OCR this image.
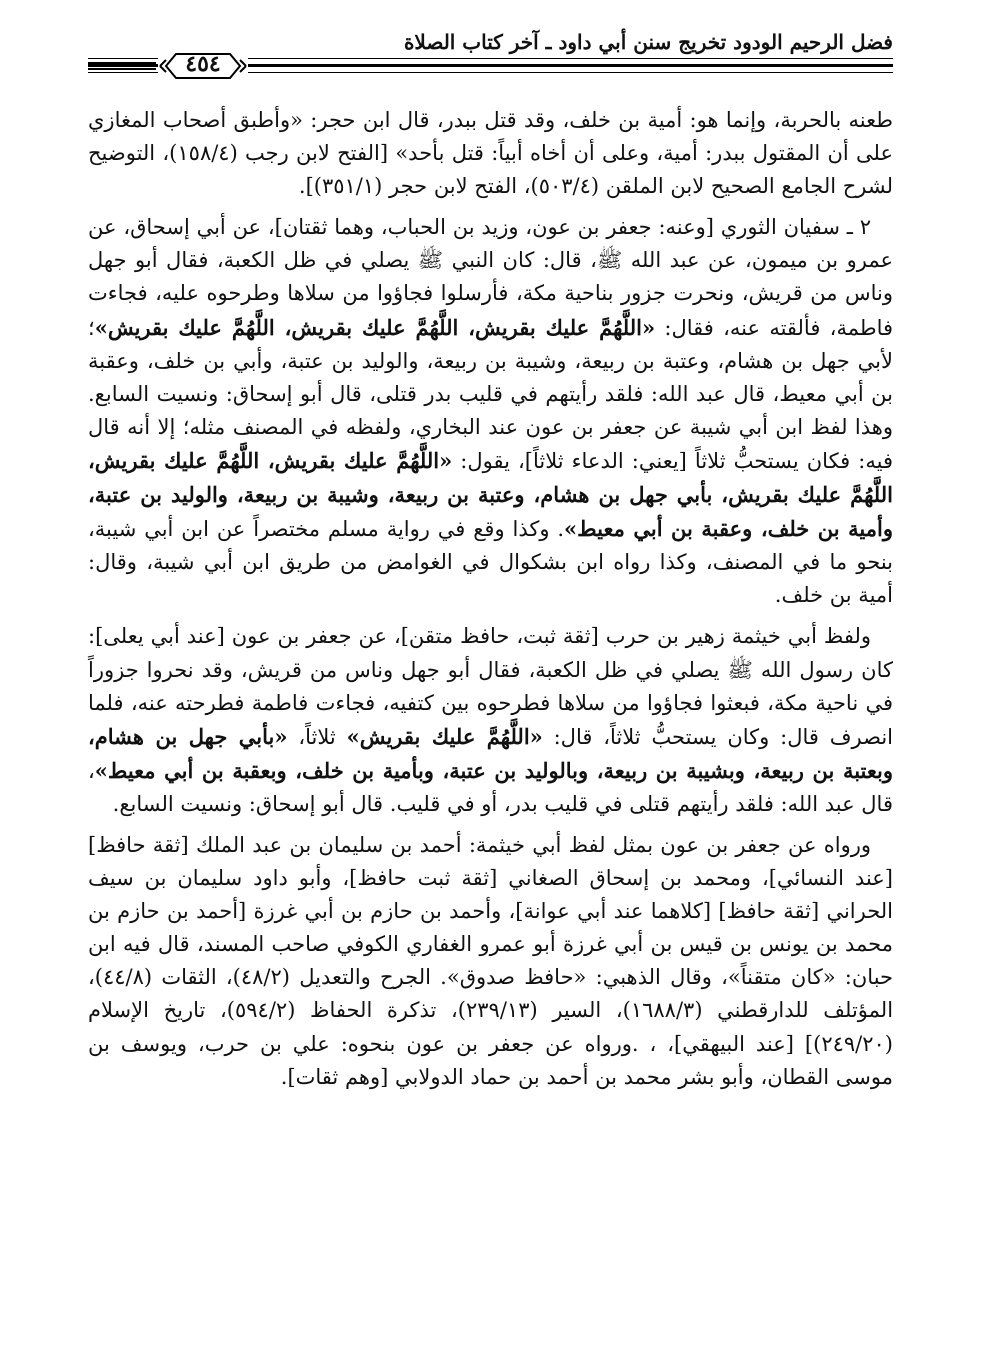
فضل الرحيم الودود تخريج سنن أبي داود ـ آخر كتاب الصلاة
٤٥٤

طعنه بالحربة، وإنما هو: أمية بن خلف، وقد قتل ببدر، قال ابن حجر: «وأطبق أصحاب المغازي على أن المقتول ببدر: أمية، وعلى أن أخاه أبياً: قتل بأحد» [الفتح لابن رجب (١٥٨/٤)، التوضيح لشرح الجامع الصحيح لابن الملقن (٥٠٣/٤)، الفتح لابن حجر (٣٥١/١)].

٢ ـ سفيان الثوري [وعنه: جعفر بن عون، وزيد بن الحباب، وهما ثقتان]، عن أبي إسحاق، عن عمرو بن ميمون، عن عبد الله ﷺ، قال: كان النبي ﷺ يصلي في ظل الكعبة، فقال أبو جهل وناس من قريش، ونحرت جزور بناحية مكة، فأرسلوا فجاؤوا من سلاها وطرحوه عليه، فجاءت فاطمة، فألقته عنه، فقال: «اللَّهُمَّ عليك بقريش، اللَّهُمَّ عليك بقريش، اللَّهُمَّ عليك بقريش»؛ لأبي جهل بن هشام، وعتبة بن ربيعة، وشيبة بن ربيعة، والوليد بن عتبة، وأبي بن خلف، وعقبة بن أبي معيط، قال عبد الله: فلقد رأيتهم في قليب بدر قتلى، قال أبو إسحاق: ونسيت السابع. وهذا لفظ ابن أبي شيبة عن جعفر بن عون عند البخاري، ولفظه في المصنف مثله؛ إلا أنه قال فيه: فكان يستحبُّ ثلاثاً [يعني: الدعاء ثلاثاً]، يقول: «اللَّهُمَّ عليك بقريش، اللَّهُمَّ عليك بقريش، اللَّهُمَّ عليك بقريش، بأبي جهل بن هشام، وعتبة بن ربيعة، وشيبة بن ربيعة، والوليد بن عتبة، وأمية بن خلف، وعقبة بن أبي معيط». وكذا وقع في رواية مسلم مختصراً عن ابن أبي شيبة، بنحو ما في المصنف، وكذا رواه ابن بشكوال في الغوامض من طريق ابن أبي شيبة، وقال: أمية بن خلف.

ولفظ أبي خيثمة زهير بن حرب [ثقة ثبت، حافظ متقن]، عن جعفر بن عون [عند أبي يعلى]: كان رسول الله ﷺ يصلي في ظل الكعبة، فقال أبو جهل وناس من قريش، وقد نحروا جزوراً في ناحية مكة، فبعثوا فجاؤوا من سلاها فطرحوه بين كتفيه، فجاءت فاطمة فطرحته عنه، فلما انصرف قال: وكان يستحبُّ ثلاثاً، قال: «اللَّهُمَّ عليك بقريش» ثلاثاً، «بأبي جهل بن هشام، وبعتبة بن ربيعة، وبشيبة بن ربيعة، وبالوليد بن عتبة، وبأمية بن خلف، وبعقبة بن أبي معيط»، قال عبد الله: فلقد رأيتهم قتلى في قليب بدر، أو في قليب. قال أبو إسحاق: ونسيت السابع.

ورواه عن جعفر بن عون بمثل لفظ أبي خيثمة: أحمد بن سليمان بن عبد الملك [ثقة حافظ] [عند النسائي]، ومحمد بن إسحاق الصغاني [ثقة ثبت حافظ]، وأبو داود سليمان بن سيف الحراني [ثقة حافظ] [كلاهما عند أبي عوانة]، وأحمد بن حازم بن أبي غرزة [أحمد بن حازم بن محمد بن يونس بن قيس بن أبي غرزة أبو عمرو الغفاري الكوفي صاحب المسند، قال فيه ابن حبان: «كان متقناً»، وقال الذهبي: «حافظ صدوق». الجرح والتعديل (٤٨/٢)، الثقات (٤٤/٨)، المؤتلف للدارقطني (١٦٨٨/٣)، السير (٢٣٩/١٣)، تذكرة الحفاظ (٥٩٤/٢)، تاريخ الإسلام (٢٤٩/٢٠)] [عند البيهقي]، ، .ورواه عن جعفر بن عون بنحوه: علي بن حرب، ويوسف بن موسى القطان، وأبو بشر محمد بن أحمد بن حماد الدولابي [وهم ثقات].
